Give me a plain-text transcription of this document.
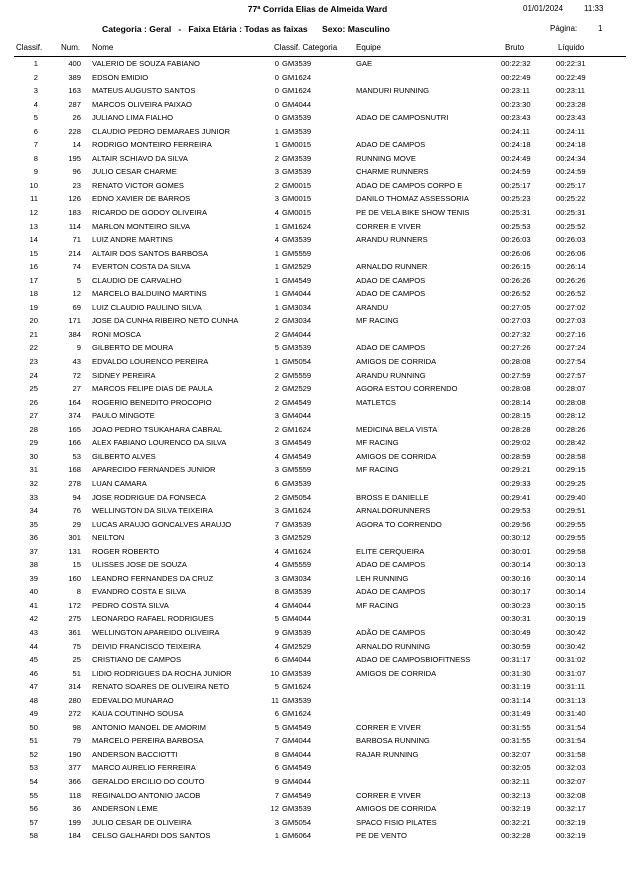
77ª Corrida Elias de Almeida Ward	01/01/2024	11:33
Categoria : Geral   -   Faixa Etária : Todas as faixas      Sexo: Masculino	Página:	1
Classif. Num. Nome	Classif. Categoria Equipe	Bruto	Líquido
1	400 VALERIO DE SOUZA FABIANO	0 GM3539	GAE	00:22:32	00:22:31
2	389 EDSON EMIDIO	0 GM1624	00:22:49	00:22:49
3	163 MATEUS AUGUSTO SANTOS	0 GM1624	MANDURI RUNNING	00:23:11	00:23:11
4	287 MARCOS OLIVEIRA PAIXAO	0 GM4044	00:23:30	00:23:28
5	26 JULIANO LIMA FIALHO	0 GM3539	ADAO DE CAMPOSNUTRI	00:23:43	00:23:43
6	228 CLAUDIO PEDRO DEMARAES JUNIOR	1 GM3539	00:24:11	00:24:11
7	14 RODRIGO MONTEIRO FERREIRA	1 GM0015	ADAO DE CAMPOS	00:24:18	00:24:18
8	195 ALTAIR SCHIAVO DA SILVA	2 GM3539	RUNNING MOVE	00:24:49	00:24:34
9	96 JULIO CESAR CHARME	3 GM3539	CHARME RUNNERS	00:24:59	00:24:59
10	23 RENATO VICTOR GOMES	2 GM0015	ADAO DE CAMPOS CORPO E	00:25:17	00:25:17
11	126 EDNO XAVIER DE BARROS	3 GM0015	DANILO THOMAZ ASSESSORIA	00:25:23	00:25:22
12	183 RICARDO DE GODOY OLIVEIRA	4 GM0015	PE DE VELA BIKE SHOW TENIS	00:25:31	00:25:31
13	114 MARLON MONTEIRO SILVA	1 GM1624	CORRER E VIVER	00:25:53	00:25:52
14	71 LUIZ ANDRE MARTINS	4 GM3539	ARANDU RUNNERS	00:26:03	00:26:03
15	214 ALTAIR DOS SANTOS BARBOSA	1 GM5559	00:26:06	00:26:06
16	74 EVERTON COSTA DA SILVA	1 GM2529	ARNALDO RUNNER	00:26:15	00:26:14
17	5 CLAUDIO DE CARVALHO	1 GM4549	ADAO DE CAMPOS	00:26:26	00:26:26
18	12 MARCELO BALDUINO MARTINS	1 GM4044	ADAO DE CAMPOS	00:26:52	00:26:52
19	69 LUIZ CLAUDIO PAULINO SILVA	1 GM3034	ARANDU	00:27:05	00:27:02
20	171 JOSE DA CUNHA RIBEIRO NETO CUNHA	2 GM3034	MF RACING	00:27:03	00:27:03
21	384 RONI MOSCA	2 GM4044	00:27:32	00:27:16
22	9 GILBERTO DE MOURA	5 GM3539	ADAO DE CAMPOS	00:27:26	00:27:24
23	43 EDVALDO LOURENCO PEREIRA	1 GM5054	AMIGOS DE CORRIDA	00:28:08	00:27:54
24	72 SIDNEY PEREIRA	2 GM5559	ARANDU RUNNING	00:27:59	00:27:57
25	27 MARCOS FELIPE DIAS DE PAULA	2 GM2529	AGORA ESTOU CORRENDO	00:28:08	00:28:07
26	164 ROGERIO BENEDITO PROCOPIO	2 GM4549	MATLETCS	00:28:14	00:28:08
27	374 PAULO MINGOTE	3 GM4044	00:28:15	00:28:12
28	165 JOAO PEDRO TSUKAHARA CABRAL	2 GM1624	MEDICINA BELA VISTA	00:28:28	00:28:26
29	166 ALEX FABIANO LOURENCO DA SILVA	3 GM4549	MF RACING	00:29:02	00:28:42
30	53 GILBERTO ALVES	4 GM4549	AMIGOS DE CORRIDA	00:28:59	00:28:58
31	168 APARECIDO FERNANDES JUNIOR	3 GM5559	MF RACING	00:29:21	00:29:15
32	278 LUAN CAMARA	6 GM3539	00:29:33	00:29:25
33	94 JOSE RODRIGUE DA FONSECA	2 GM5054	BROSS E DANIELLE	00:29:41	00:29:40
34	76 WELLINGTON DA SILVA TEIXEIRA	3 GM1624	ARNALDORUNNERS	00:29:53	00:29:51
35	29 LUCAS ARAUJO GONCALVES ARAUJO	7 GM3539	AGORA TO CORRENDO	00:29:56	00:29:55
36	301 NEILTON	3 GM2529	00:30:12	00:29:55
37	131 ROGER ROBERTO	4 GM1624	ELITE CERQUEIRA	00:30:01	00:29:58
38	15 ULISSES JOSE DE SOUZA	4 GM5559	ADAO DE CAMPOS	00:30:14	00:30:13
39	160 LEANDRO FERNANDES DA CRUZ	3 GM3034	LEH RUNNING	00:30:16	00:30:14
40	8 EVANDRO COSTA E SILVA	8 GM3539	ADAO DE CAMPOS	00:30:17	00:30:14
41	172 PEDRO COSTA SILVA	4 GM4044	MF RACING	00:30:23	00:30:15
42	275 LEONARDO RAFAEL RODRIGUES	5 GM4044	00:30:31	00:30:19
43	361 WELLINGTON APAREIDO OLIVEIRA	9 GM3539	ADÃO DE CAMPOS	00:30:49	00:30:42
44	75 DEIVID FRANCISCO TEIXEIRA	4 GM2529	ARNALDO RUNNING	00:30:59	00:30:42
45	25 CRISTIANO DE CAMPOS	6 GM4044	ADAO DE CAMPOSBIOFITNESS	00:31:17	00:31:02
46	51 LIDIO RODRIGUES DA ROCHA JUNIOR	10 GM3539	AMIGOS DE CORRIDA	00:31:30	00:31:07
47	314 RENATO SOARES DE OLIVEIRA NETO	5 GM1624	00:31:19	00:31:11
48	280 EDEVALDO MUNARAO	11 GM3539	00:31:14	00:31:13
49	272 KAUA COUTINHO SOUSA	6 GM1624	00:31:49	00:31:40
50	98 ANTONIO MANOEL DE AMORIM	5 GM4549	CORRER E VIVER	00:31:55	00:31:54
51	79 MARCELO PEREIRA BARBOSA	7 GM4044	BARBOSA RUNNING	00:31:55	00:31:54
52	190 ANDERSON BACCIOTTI	8 GM4044	RAJAR RUNNING	00:32:07	00:31:58
53	377 MARCO AURELIO FERREIRA	6 GM4549	00:32:05	00:32:03
54	366 GERALDO ERCILIO DO COUTO	9 GM4044	00:32:11	00:32:07
55	118 REGINALDO ANTONIO JACOB	7 GM4549	CORRER E VIVER	00:32:13	00:32:08
56	36 ANDERSON LEME	12 GM3539	AMIGOS DE CORRIDA	00:32:19	00:32:17
57	199 JULIO CESAR DE OLIVEIRA	3 GM5054	SPACO FISIO PILATES	00:32:21	00:32:19
58	184 CELSO GALHARDI DOS SANTOS	1 GM6064	PE DE VENTO	00:32:28	00:32:19
